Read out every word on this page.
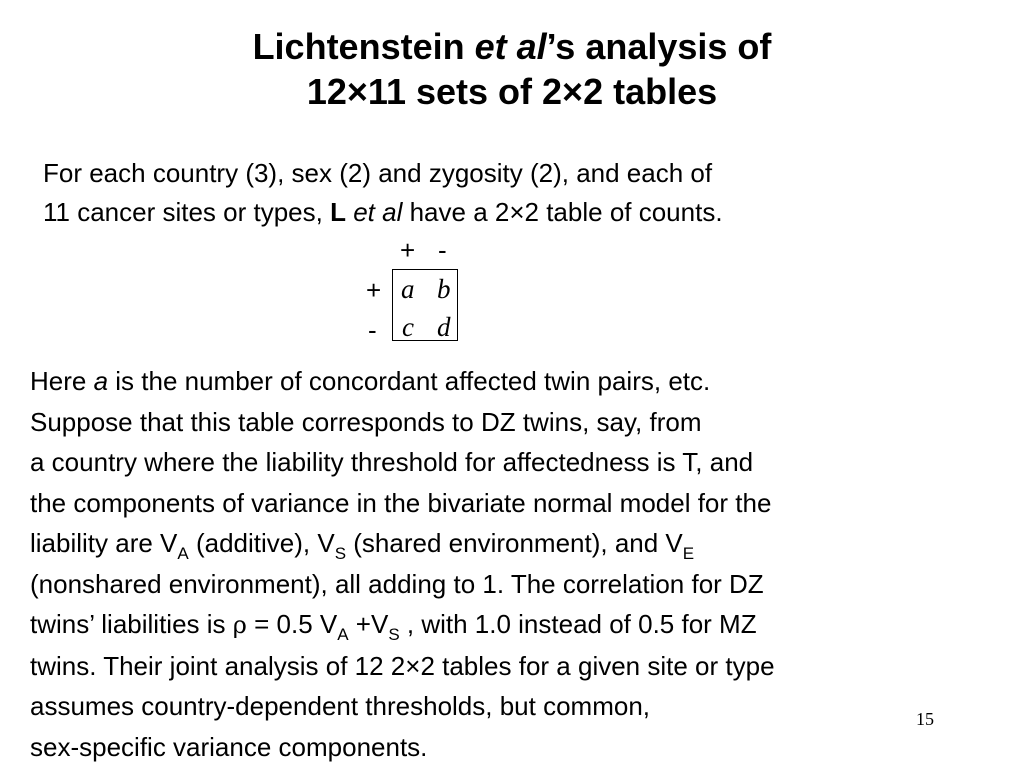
Lichtenstein et al’s analysis of
12×11 sets of 2×2 tables
For each country (3), sex (2) and zygosity (2), and each of
11 cancer sites or types, L et al have a 2×2 table of counts.
+ -
+
-
a b
c d
Here a is the number of concordant affected twin pairs, etc.
Suppose that this table corresponds to DZ twins, say, from
a country where the liability threshold for affectedness is T, and
the components of variance in the bivariate normal model for the
liability are $V_A$ (additive), $V_S$ (shared environment), and $V_E$
(nonshared environment), all adding to 1. The correlation for DZ
twins’ liabilities is ρ = 0.5 $V_A +V_S$ , with 1.0 instead of 0.5 for MZ
twins. Their joint analysis of 12 2×2 tables for a given site or type
assumes country-dependent thresholds, but common,
sex-specific variance components.
15
